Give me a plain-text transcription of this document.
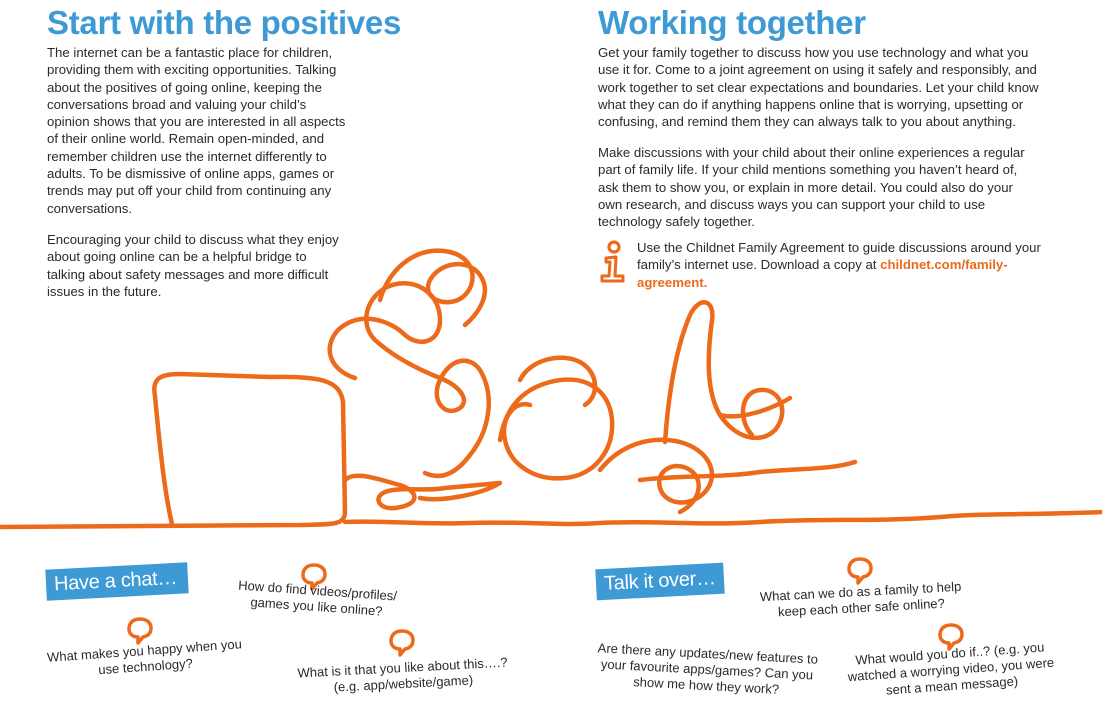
Start with the positives

The internet can be a fantastic place for children, providing them with exciting opportunities. Talking about the positives of going online, keeping the conversations broad and valuing your child’s opinion shows that you are interested in all aspects of their online world. Remain open-minded, and remember children use the internet differently to adults. To be dismissive of online apps, games or trends may put off your child from continuing any conversations.

Encouraging your child to discuss what they enjoy about going online can be a helpful bridge to talking about safety messages and more difficult issues in the future.

Working together

Get your family together to discuss how you use technology and what you use it for. Come to a joint agreement on using it safely and responsibly, and work together to set clear expectations and boundaries. Let your child know what they can do if anything happens online that is worrying, upsetting or confusing, and remind them they can always talk to you about anything.

Make discussions with your child about their online experiences a regular part of family life. If your child mentions something you haven’t heard of, ask them to show you, or explain in more detail. You could also do your own research, and discuss ways you can support your child to use technology safely together.

Use the Childnet Family Agreement to guide discussions around your family’s internet use. Download a copy at childnet.com/family-agreement.

Have a chat…	Talk it over…

How do find videos/profiles/ games you like online?

What makes you happy when you use technology?	What is it that you like about this….? (e.g. app/website/game)

What can we do as a family to help keep each other safe online?

Are there any updates/new features to your favourite apps/games? Can you show me how they work?

What would you do if..? (e.g. you watched a worrying video, you were sent a mean message)
